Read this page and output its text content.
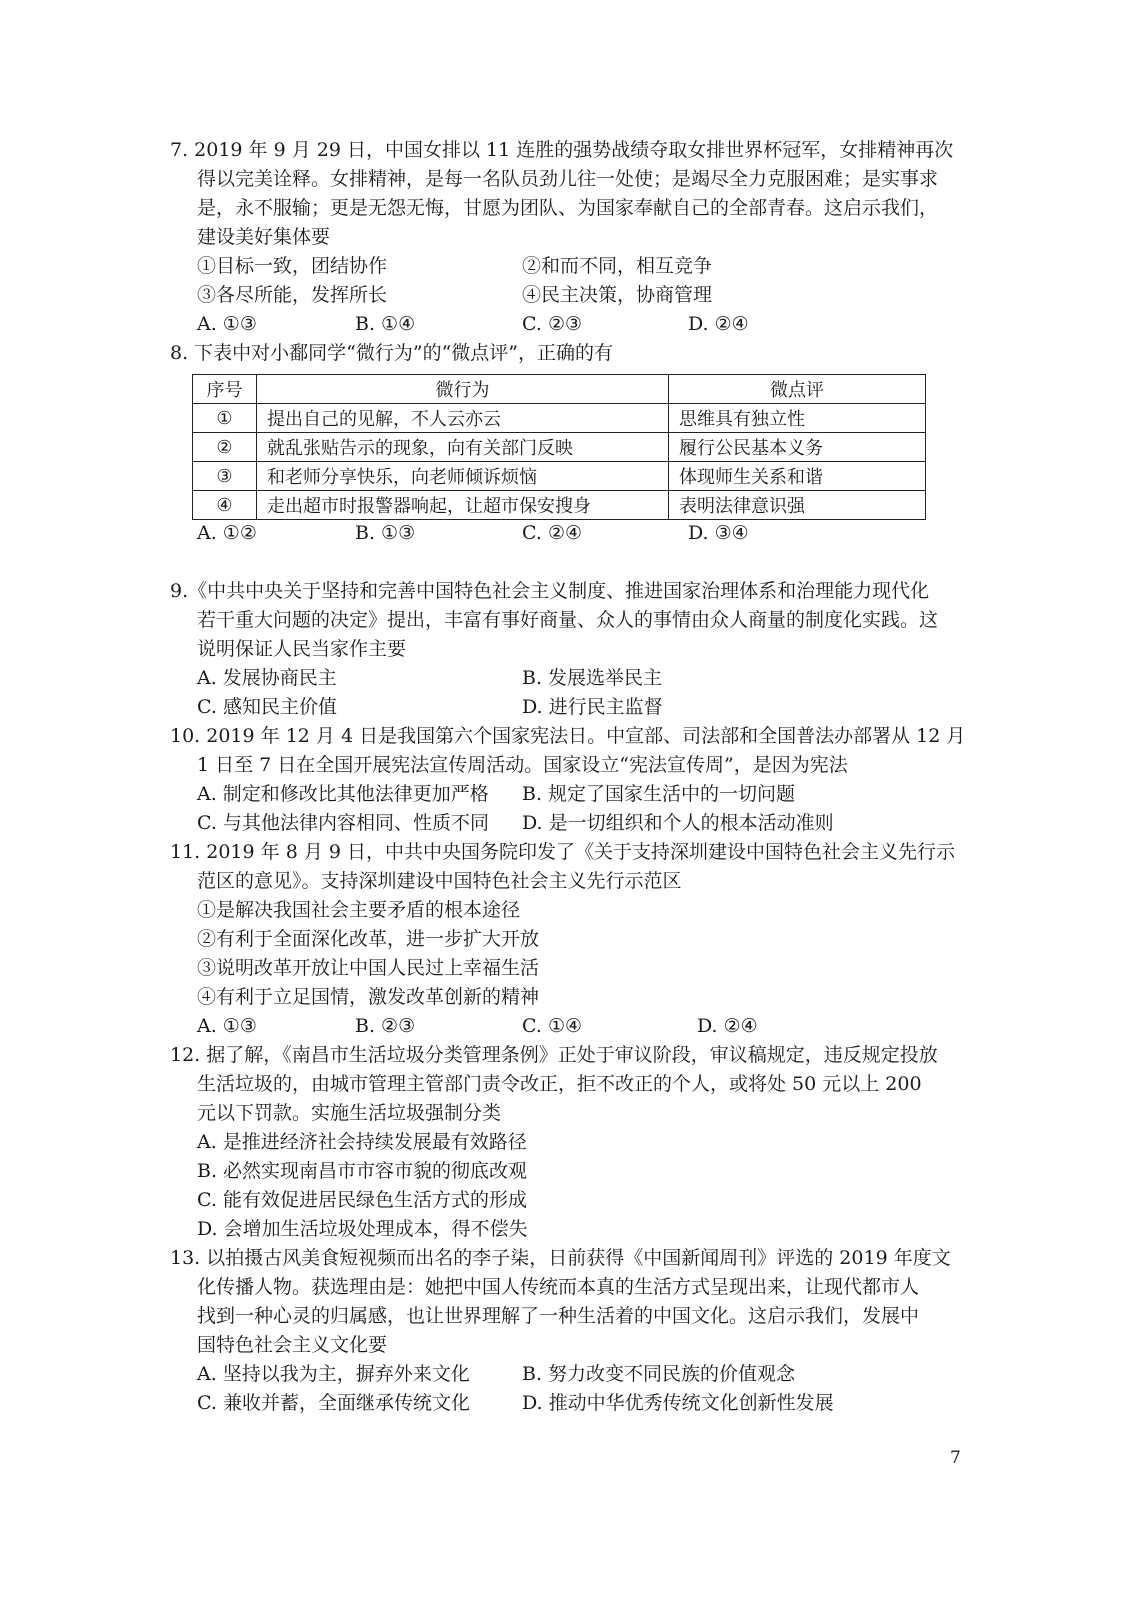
7. 2019 年 9 月 29 日，中国女排以 11 连胜的强势战绩夺取女排世界杯冠军，女排精神再次
得以完美诠释。女排精神，是每一名队员劲儿往一处使；是竭尽全力克服困难；是实事求
是，永不服输；更是无怨无悔，甘愿为团队、为国家奉献自己的全部青春。这启示我们，
建设美好集体要
①目标一致，团结协作	②和而不同，相互竞争
③各尽所能，发挥所长	④民主决策，协商管理
A. ①③	B. ①④	C. ②③	D. ②④
8. 下表中对小鄱同学“微行为”的“微点评”，正确的有
序号	微行为	微点评
①	提出自己的见解，不人云亦云	思维具有独立性
②	就乱张贴告示的现象，向有关部门反映	履行公民基本义务
③	和老师分享快乐，向老师倾诉烦恼	体现师生关系和谐
④	走出超市时报警器响起，让超市保安搜身	表明法律意识强
A. ①②	B. ①③	C. ②④	D. ③④
9.《中共中央关于坚持和完善中国特色社会主义制度、推进国家治理体系和治理能力现代化
若干重大问题的决定》提出，丰富有事好商量、众人的事情由众人商量的制度化实践。这
说明保证人民当家作主要
A. 发展协商民主	B. 发展选举民主
C. 感知民主价值	D. 进行民主监督
10. 2019 年 12 月 4 日是我国第六个国家宪法日。中宣部、司法部和全国普法办部署从 12 月
1 日至 7 日在全国开展宪法宣传周活动。国家设立“宪法宣传周”，是因为宪法
A. 制定和修改比其他法律更加严格 B. 规定了国家生活中的一切问题
C. 与其他法律内容相同、性质不同 D. 是一切组织和个人的根本活动准则
11. 2019 年 8 月 9 日，中共中央国务院印发了《关于支持深圳建设中国特色社会主义先行示
范区的意见》。支持深圳建设中国特色社会主义先行示范区
①是解决我国社会主要矛盾的根本途径
②有利于全面深化改革，进一步扩大开放
③说明改革开放让中国人民过上幸福生活
④有利于立足国情，激发改革创新的精神
A. ①③	B. ②③	C. ①④	D. ②④
12. 据了解，《南昌市生活垃圾分类管理条例》正处于审议阶段，审议稿规定，违反规定投放
生活垃圾的，由城市管理主管部门责令改正，拒不改正的个人，或将处 50 元以上 200
元以下罚款。实施生活垃圾强制分类
A. 是推进经济社会持续发展最有效路径
B. 必然实现南昌市市容市貌的彻底改观
C. 能有效促进居民绿色生活方式的形成
D. 会增加生活垃圾处理成本，得不偿失
13. 以拍摄古风美食短视频而出名的李子柒，日前获得《中国新闻周刊》评选的 2019 年度文
化传播人物。获选理由是：她把中国人传统而本真的生活方式呈现出来，让现代都市人
找到一种心灵的归属感，也让世界理解了一种生活着的中国文化。这启示我们，发展中
国特色社会主义文化要
A. 坚持以我为主，摒弃外来文化	B. 努力改变不同民族的价值观念
C. 兼收并蓄，全面继承传统文化	D. 推动中华优秀传统文化创新性发展
7
